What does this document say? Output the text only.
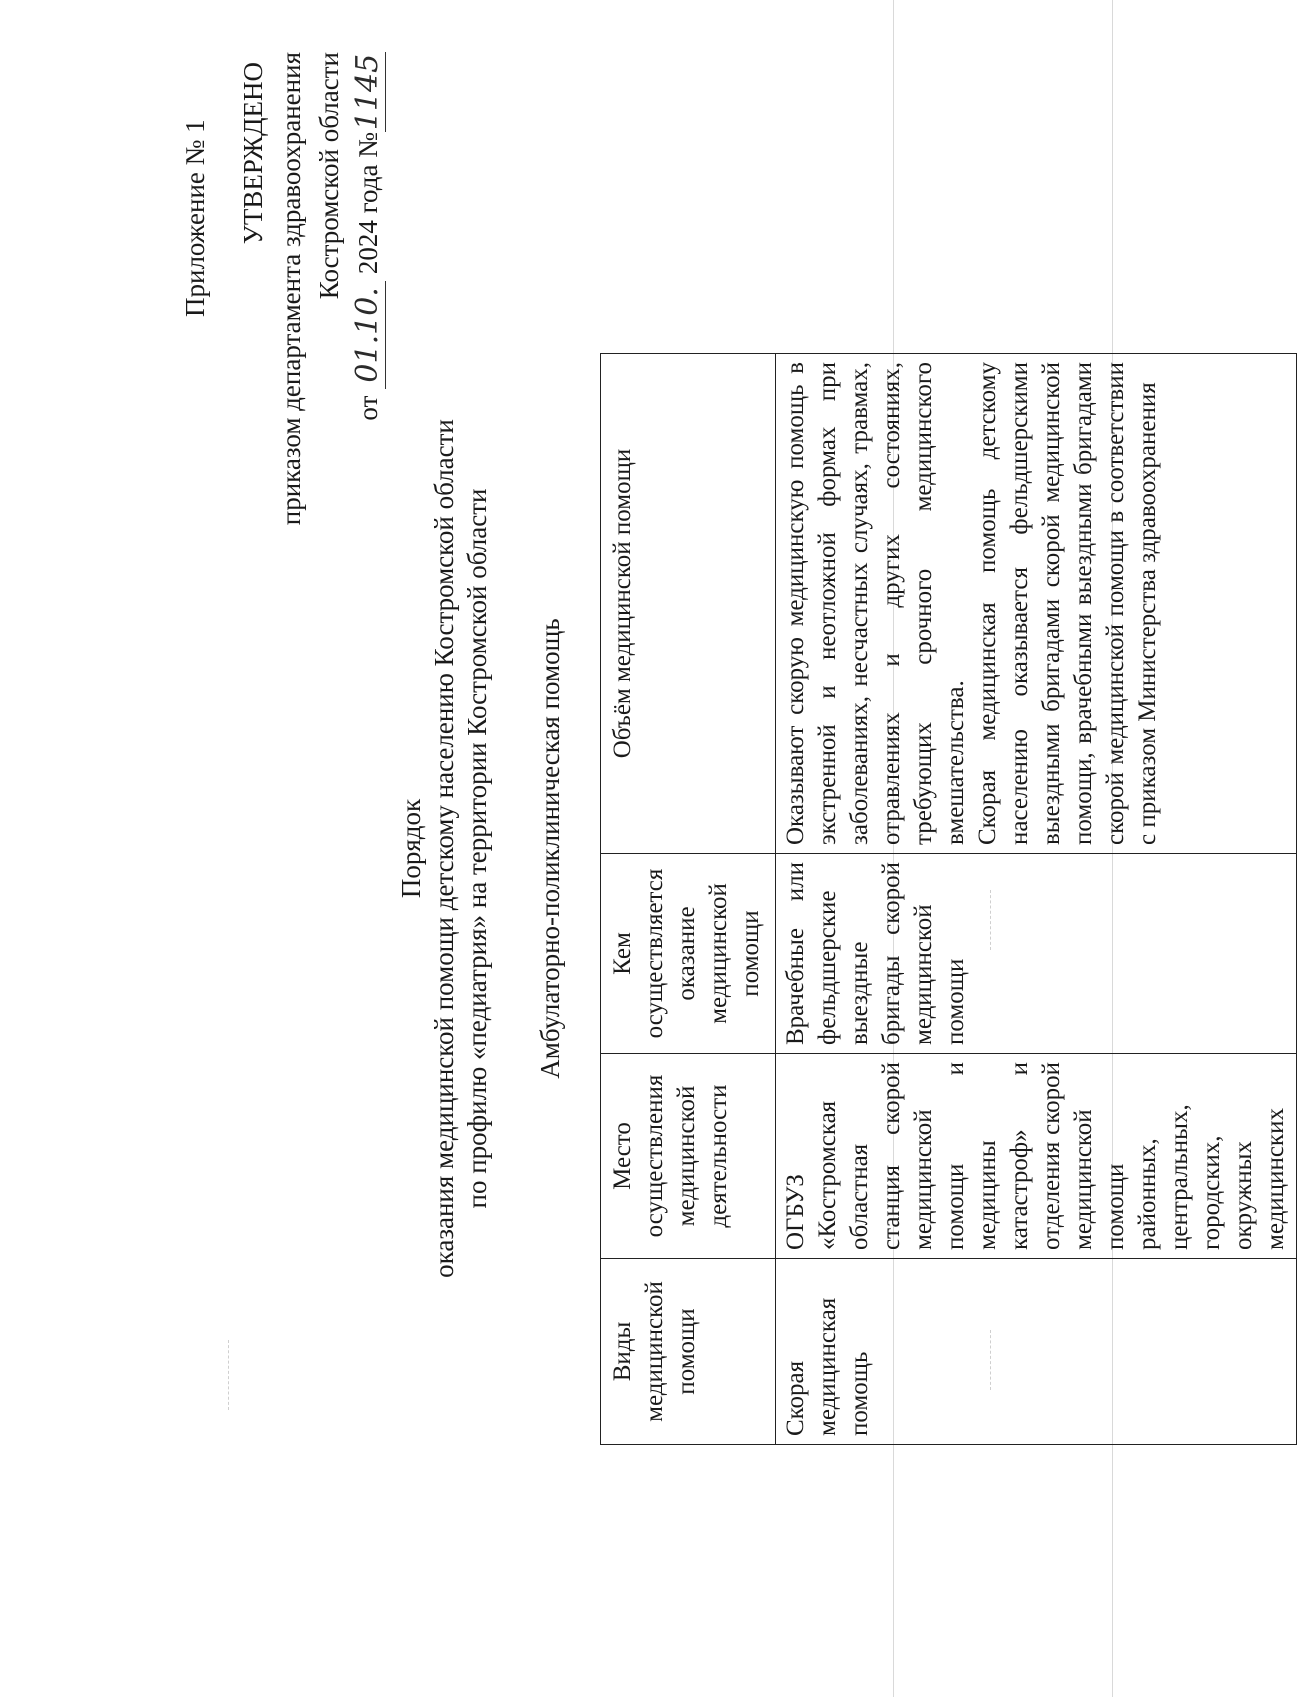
Приложение № 1 УТВЕРЖДЕНО приказом департамента здравоохранения Костромской области
от 01.10. 2024 года №1145
Порядок оказания медицинской помощи детскому населению Костромской области по профилю «педиатрия» на территории Костромской области Амбулаторно-поликлиническая помощь
Виды медицинской помощи	Место осуществления медицинской деятельности	Кем осуществляется оказание медицинской помощи	Объём медицинской помощи
Скорая медицинская помощь	ОГБУЗ «Костромская областная станция скорой медицинской помощи и медицины катастроф» и отделения скорой медицинской помощи районных, центральных, городских, окружных медицинских	Врачебные или фельдшерские выездные бригады скорой медицинской помощи	Оказывают скорую медицинскую помощь в экстренной и неотложной формах при заболеваниях, несчастных случаях, травмах, отравлениях и других состояниях, требующих срочного медицинского вмешательства. Скорая медицинская помощь детскому населению оказывается фельдшерскими выездными бригадами скорой медицинской помощи, врачебными выездными бригадами скорой медицинской помощи в соответствии с приказом Министерства здравоохранения
